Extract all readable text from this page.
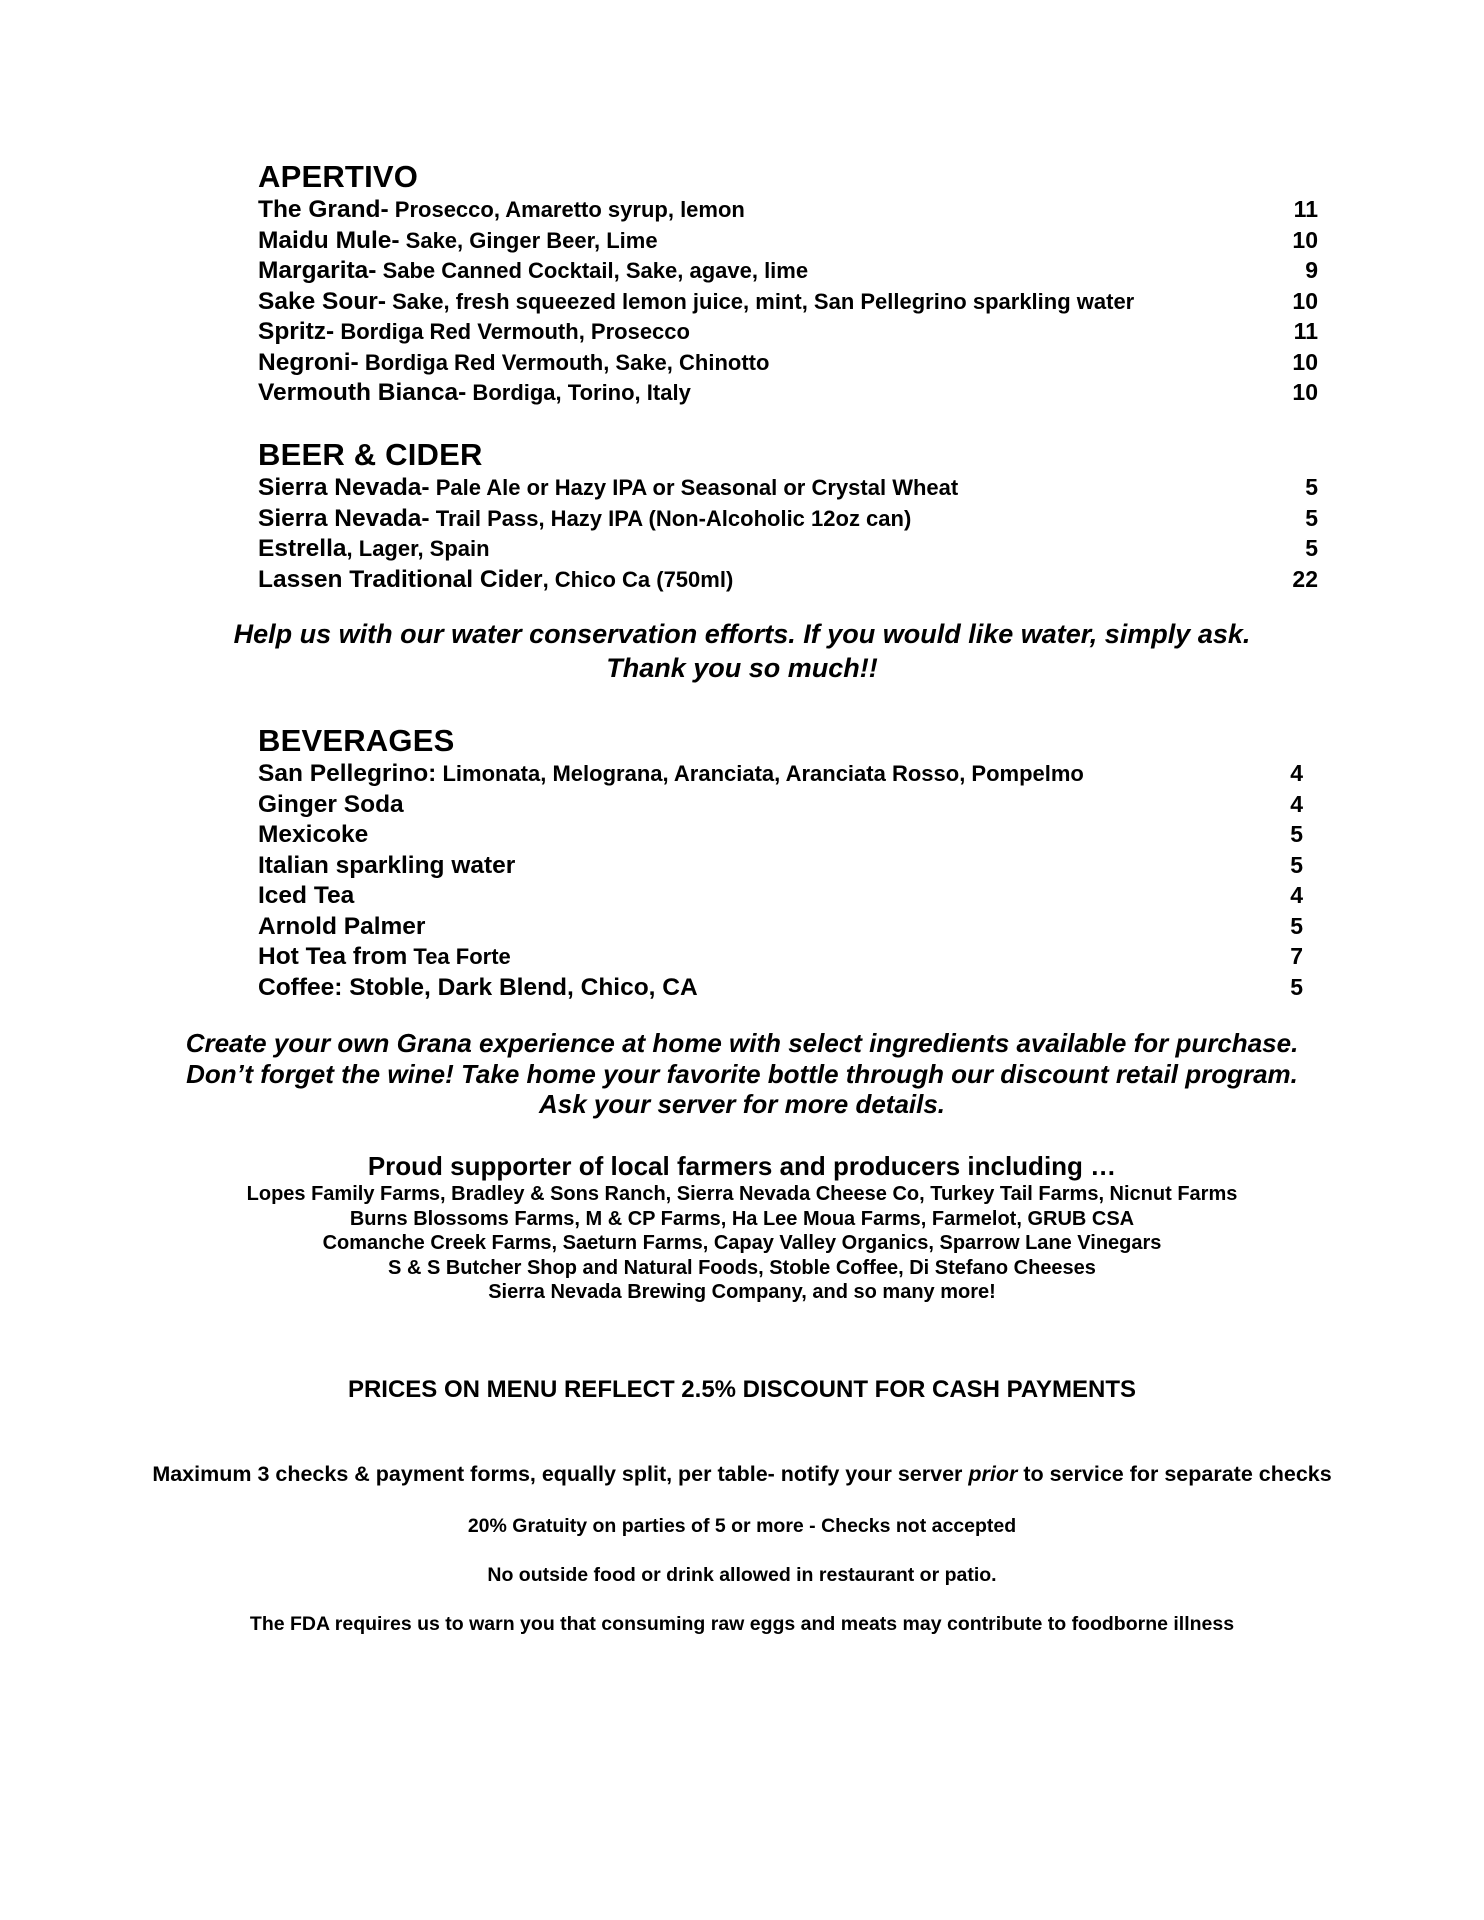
APERTIVO
The Grand- Prosecco, Amaretto syrup, lemon	11
Maidu Mule- Sake, Ginger Beer, Lime	10
Margarita- Sabe Canned Cocktail, Sake, agave, lime	9
Sake Sour- Sake, fresh squeezed lemon juice, mint, San Pellegrino sparkling water	10
Spritz- Bordiga Red Vermouth, Prosecco	11
Negroni- Bordiga Red Vermouth, Sake, Chinotto	10
Vermouth Bianca- Bordiga, Torino, Italy	10
BEER & CIDER
Sierra Nevada- Pale Ale or Hazy IPA or Seasonal or Crystal Wheat	5
Sierra Nevada- Trail Pass, Hazy IPA (Non-Alcoholic 12oz can)	5
Estrella, Lager, Spain	5
Lassen Traditional Cider, Chico Ca (750ml)	22
Help us with our water conservation efforts. If you would like water, simply ask.
Thank you so much!!
BEVERAGES
San Pellegrino: Limonata, Melograna, Aranciata, Aranciata Rosso, Pompelmo	4
Ginger Soda	4
Mexicoke	5
Italian sparkling water	5
Iced Tea	4
Arnold Palmer	5
Hot Tea from Tea Forte	7
Coffee: Stoble, Dark Blend, Chico, CA	5
Create your own Grana experience at home with select ingredients available for purchase.
Don’t forget the wine! Take home your favorite bottle through our discount retail program.
Ask your server for more details.
Proud supporter of local farmers and producers including …
Lopes Family Farms, Bradley & Sons Ranch, Sierra Nevada Cheese Co, Turkey Tail Farms, Nicnut Farms
Burns Blossoms Farms, M & CP Farms, Ha Lee Moua Farms, Farmelot, GRUB CSA
Comanche Creek Farms, Saeturn Farms, Capay Valley Organics, Sparrow Lane Vinegars
S & S Butcher Shop and Natural Foods, Stoble Coffee, Di Stefano Cheeses
Sierra Nevada Brewing Company, and so many more!
PRICES ON MENU REFLECT 2.5% DISCOUNT FOR CASH PAYMENTS
Maximum 3 checks & payment forms, equally split, per table- notify your server prior to service for separate checks
20% Gratuity on parties of 5 or more - Checks not accepted
No outside food or drink allowed in restaurant or patio.
The FDA requires us to warn you that consuming raw eggs and meats may contribute to foodborne illness
